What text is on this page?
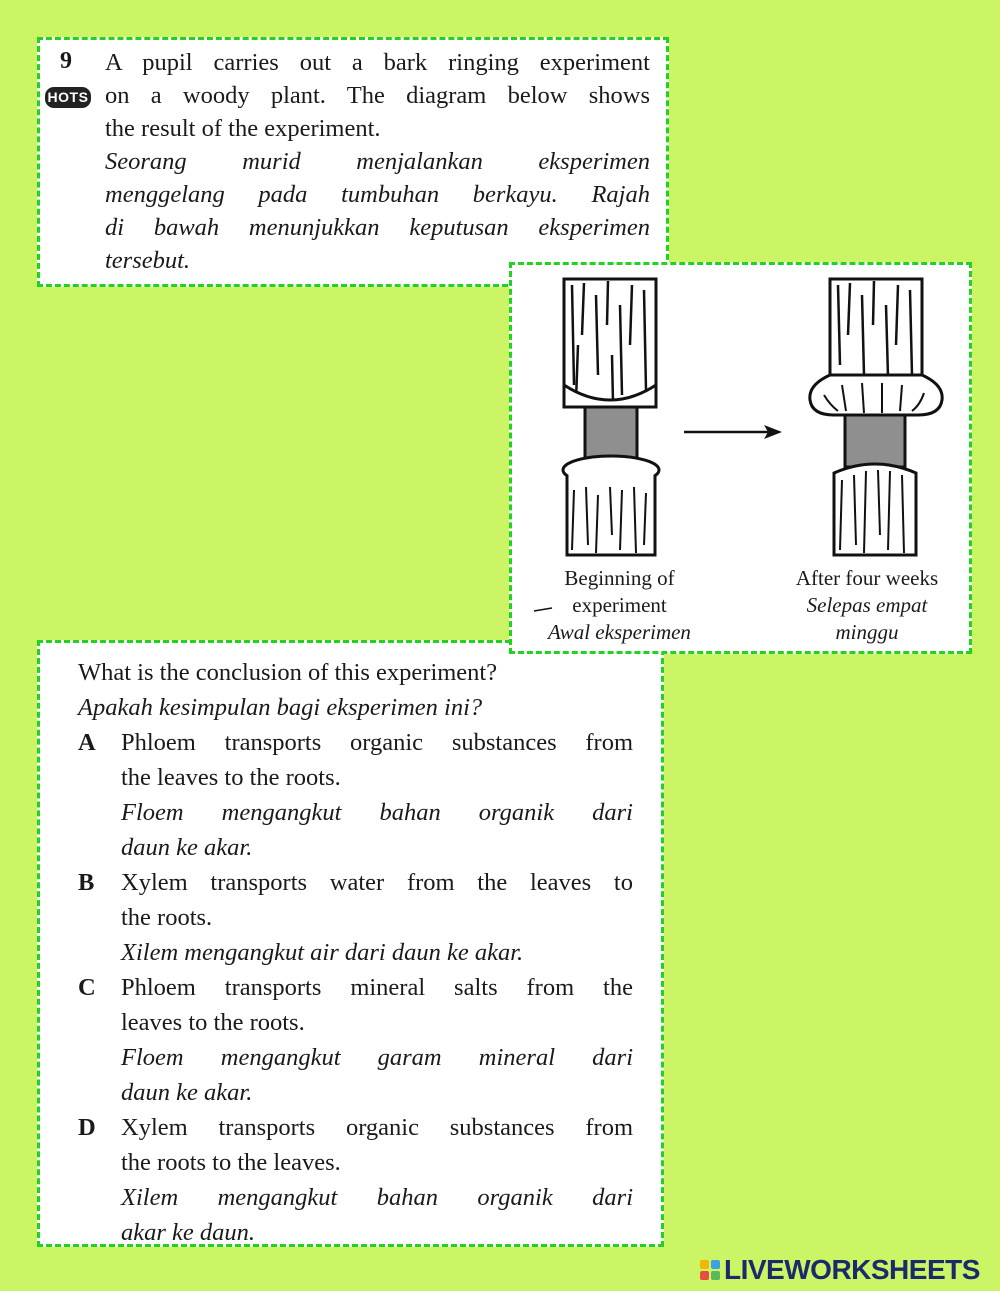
9
HOTS
A pupil carries out a bark ringing experiment
on a woody plant. The diagram below shows
the result of the experiment.
Seorang murid menjalankan eksperimen
menggelang pada tumbuhan berkayu. Rajah
di bawah menunjukkan keputusan eksperimen
tersebut.
Beginning of
experiment
Awal eksperimen
After four weeks
Selepas empat
minggu
What is the conclusion of this experiment?
Apakah kesimpulan bagi eksperimen ini?
A Phloem transports organic substances from
the leaves to the roots.
Floem mengangkut bahan organik dari
daun ke akar.
B Xylem transports water from the leaves to
the roots.
Xilem mengangkut air dari daun ke akar.
C Phloem transports mineral salts from the
leaves to the roots.
Floem mengangkut garam mineral dari
daun ke akar.
D Xylem transports organic substances from
the roots to the leaves.
Xilem mengangkut bahan organik dari
akar ke daun.
LIVEWORKSHEETS
